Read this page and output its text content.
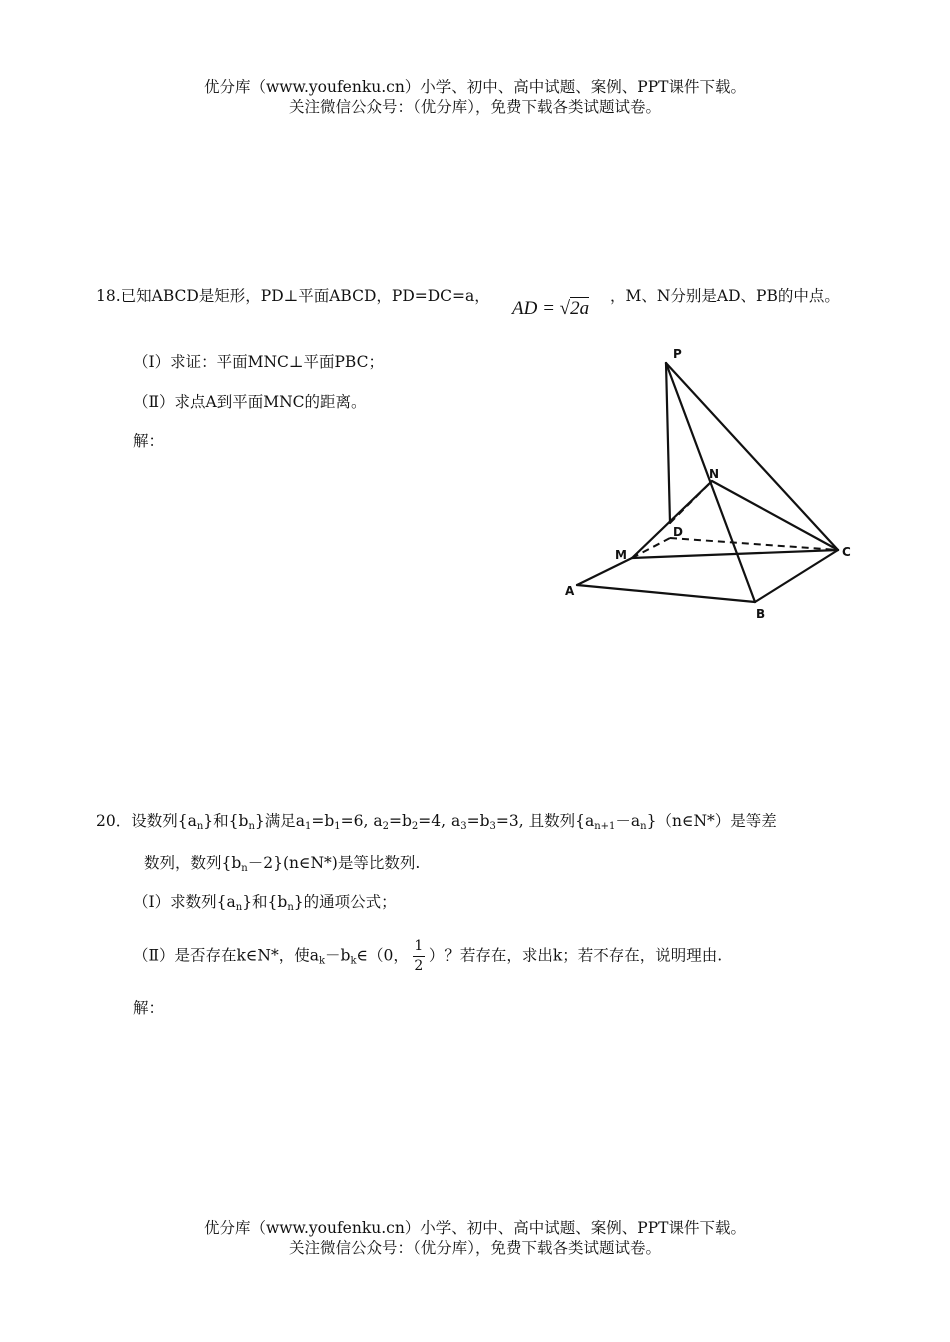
优分库（www.youfenku.cn）小学、初中、高中试题、案例、PPT课件下载。
关注微信公众号：（优分库），免费下载各类试题试卷。
18.已知ABCD是矩形，PD⊥平面ABCD，PD=DC=a，
AD = √2a
，M、N分别是AD、PB的中点。
（Ⅰ）求证：平面MNC⊥平面PBC；
（Ⅱ）求点A到平面MNC的距离。
解：
P
N
D
M	C
A
B
20．设数列$\{a_n\}$和$\{b_n\}$满足$a_1=b_1=6$, $a_2=b_2=4$, $a_3=b_3=3$, 且数列$\{a_{n+1}-a_n\}(n\in N*)$是等差
数列，数列$\{b_n-2\}(n\in N*)$是等比数列.
（Ⅰ）求数列$\{a_n\}$和$\{b_n\}$的通项公式；
（Ⅱ）是否存在k∈N*，使$a_k-b_k\in(0$， $\frac{1}{2}$ ）？若存在，求出k；若不存在，说明理由.
解：
优分库（www.youfenku.cn）小学、初中、高中试题、案例、PPT课件下载。
关注微信公众号：（优分库），免费下载各类试题试卷。
